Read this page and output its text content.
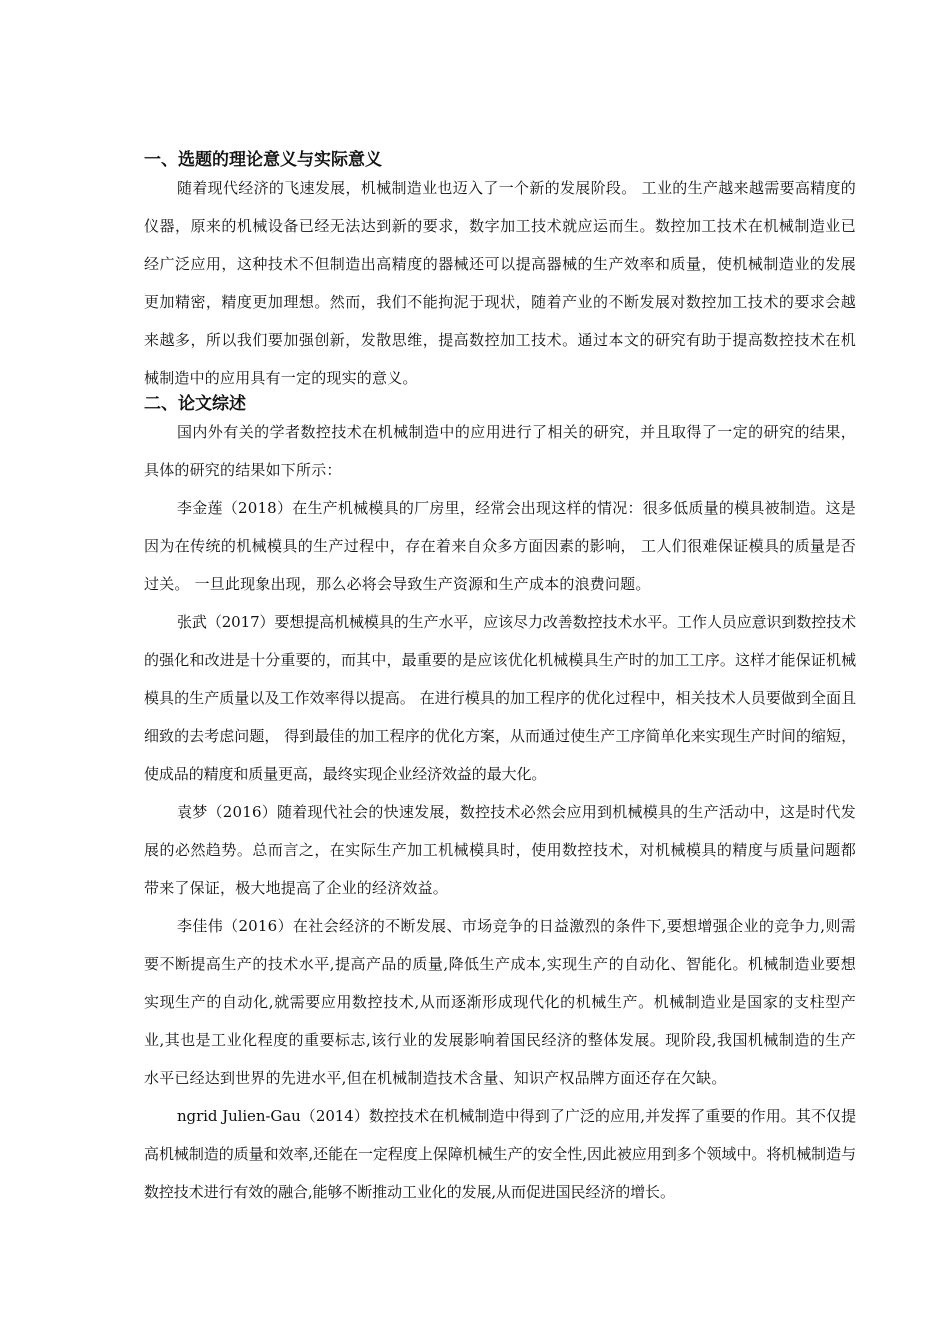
一、选题的理论意义与实际意义

随着现代经济的飞速发展，机械制造业也迈入了一个新的发展阶段。 工业的生产越来越需要高精度的仪器，原来的机械设备已经无法达到新的要求，数字加工技术就应运而生。数控加工技术在机械制造业已经广泛应用，这种技术不但制造出高精度的器械还可以提高器械的生产效率和质量，使机械制造业的发展更加精密，精度更加理想。然而，我们不能拘泥于现状，随着产业的不断发展对数控加工技术的要求会越来越多，所以我们要加强创新，发散思维，提高数控加工技术。通过本文的研究有助于提高数控技术在机械制造中的应用具有一定的现实的意义。

二、论文综述

国内外有关的学者数控技术在机械制造中的应用进行了相关的研究，并且取得了一定的研究的结果，具体的研究的结果如下所示：

李金莲（2018）在生产机械模具的厂房里，经常会出现这样的情况：很多低质量的模具被制造。这是因为在传统的机械模具的生产过程中，存在着来自众多方面因素的影响， 工人们很难保证模具的质量是否过关。 一旦此现象出现，那么必将会导致生产资源和生产成本的浪费问题。

张武（2017）要想提高机械模具的生产水平，应该尽力改善数控技术水平。工作人员应意识到数控技术的强化和改进是十分重要的，而其中，最重要的是应该优化机械模具生产时的加工工序。这样才能保证机械模具的生产质量以及工作效率得以提高。 在进行模具的加工程序的优化过程中，相关技术人员要做到全面且细致的去考虑问题， 得到最佳的加工程序的优化方案，从而通过使生产工序简单化来实现生产时间的缩短，使成品的精度和质量更高，最终实现企业经济效益的最大化。

袁梦（2016）随着现代社会的快速发展，数控技术必然会应用到机械模具的生产活动中，这是时代发展的必然趋势。总而言之，在实际生产加工机械模具时，使用数控技术，对机械模具的精度与质量问题都带来了保证，极大地提高了企业的经济效益。

李佳伟（2016）在社会经济的不断发展、市场竞争的日益激烈的条件下,要想增强企业的竞争力,则需要不断提高生产的技术水平,提高产品的质量,降低生产成本,实现生产的自动化、智能化。机械制造业要想实现生产的自动化,就需要应用数控技术,从而逐渐形成现代化的机械生产。机械制造业是国家的支柱型产业,其也是工业化程度的重要标志,该行业的发展影响着国民经济的整体发展。现阶段,我国机械制造的生产水平已经达到世界的先进水平,但在机械制造技术含量、知识产权品牌方面还存在欠缺。

ngrid Julien-Gau（2014）数控技术在机械制造中得到了广泛的应用,并发挥了重要的作用。其不仅提高机械制造的质量和效率,还能在一定程度上保障机械生产的安全性,因此被应用到多个领域中。将机械制造与数控技术进行有效的融合,能够不断推动工业化的发展,从而促进国民经济的增长。
